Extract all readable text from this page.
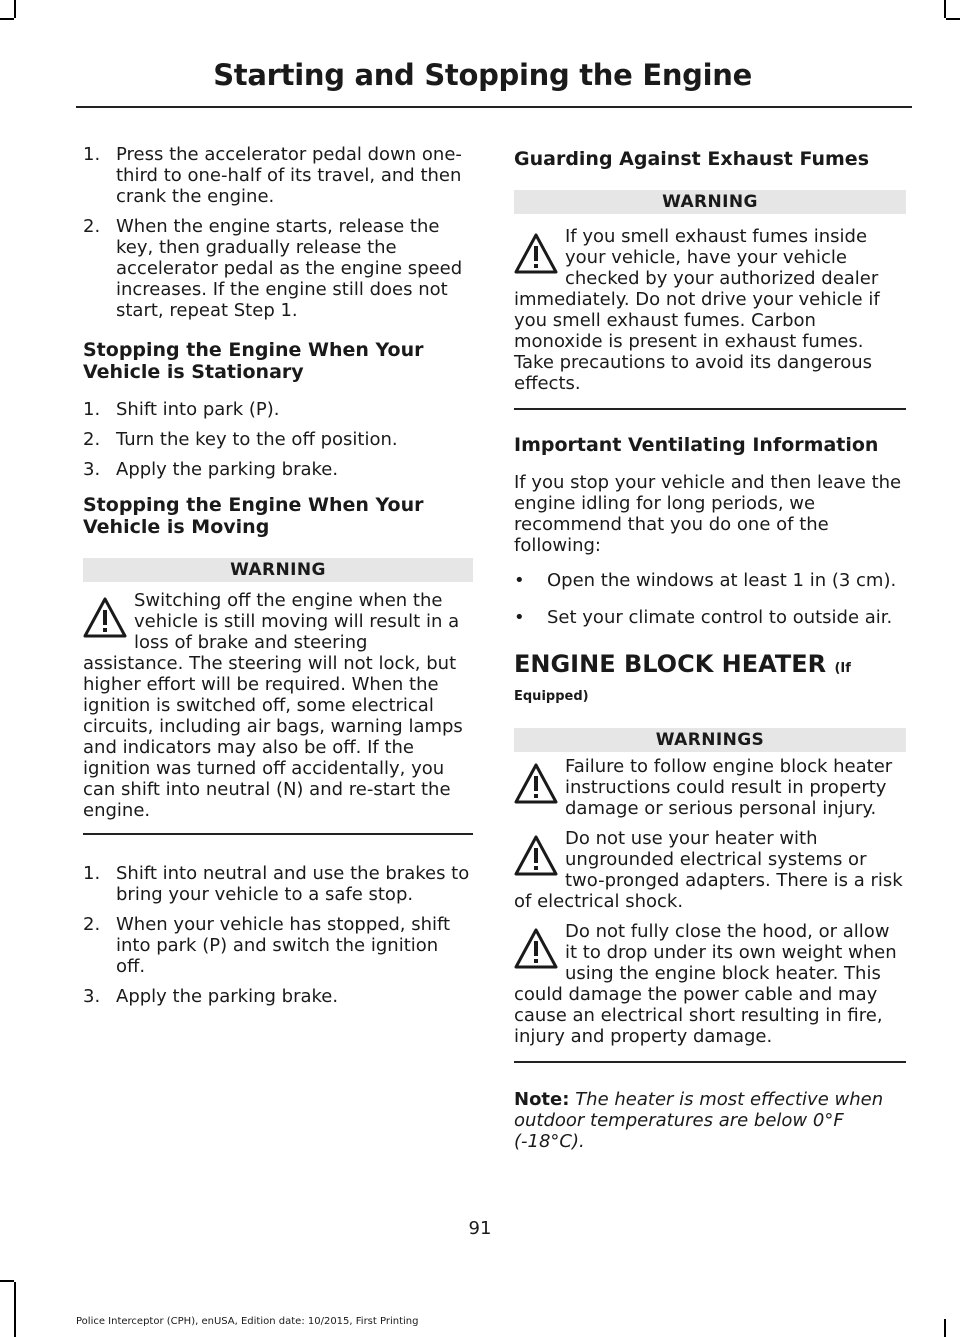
Starting and Stopping the Engine
1. Press the accelerator pedal down one-third to one-half of its travel, and then crank the engine.
2. When the engine starts, release the key, then gradually release the accelerator pedal as the engine speed increases. If the engine still does not start, repeat Step 1.
Stopping the Engine When Your Vehicle is Stationary
1. Shift into park (P).
2. Turn the key to the off position.
3. Apply the parking brake.
Stopping the Engine When Your Vehicle is Moving
WARNING
Switching off the engine when the vehicle is still moving will result in a loss of brake and steering assistance. The steering will not lock, but higher effort will be required. When the ignition is switched off, some electrical circuits, including air bags, warning lamps and indicators may also be off. If the ignition was turned off accidentally, you can shift into neutral (N) and re-start the engine.
1. Shift into neutral and use the brakes to bring your vehicle to a safe stop.
2. When your vehicle has stopped, shift into park (P) and switch the ignition off.
3. Apply the parking brake.
Guarding Against Exhaust Fumes
WARNING
If you smell exhaust fumes inside your vehicle, have your vehicle checked by your authorized dealer immediately. Do not drive your vehicle if you smell exhaust fumes. Carbon monoxide is present in exhaust fumes. Take precautions to avoid its dangerous effects.
Important Ventilating Information
If you stop your vehicle and then leave the engine idling for long periods, we recommend that you do one of the following:
• Open the windows at least 1 in (3 cm).
• Set your climate control to outside air.
ENGINE BLOCK HEATER (If
Equipped)
WARNINGS
Failure to follow engine block heater instructions could result in property damage or serious personal injury.
Do not use your heater with ungrounded electrical systems or two-pronged adapters. There is a risk of electrical shock.
Do not fully close the hood, or allow it to drop under its own weight when using the engine block heater. This could damage the power cable and may cause an electrical short resulting in fire, injury and property damage.
Note: The heater is most effective when outdoor temperatures are below 0°F (-18°C).
91
Police Interceptor (CPH), enUSA, Edition date: 10/2015, First Printing
